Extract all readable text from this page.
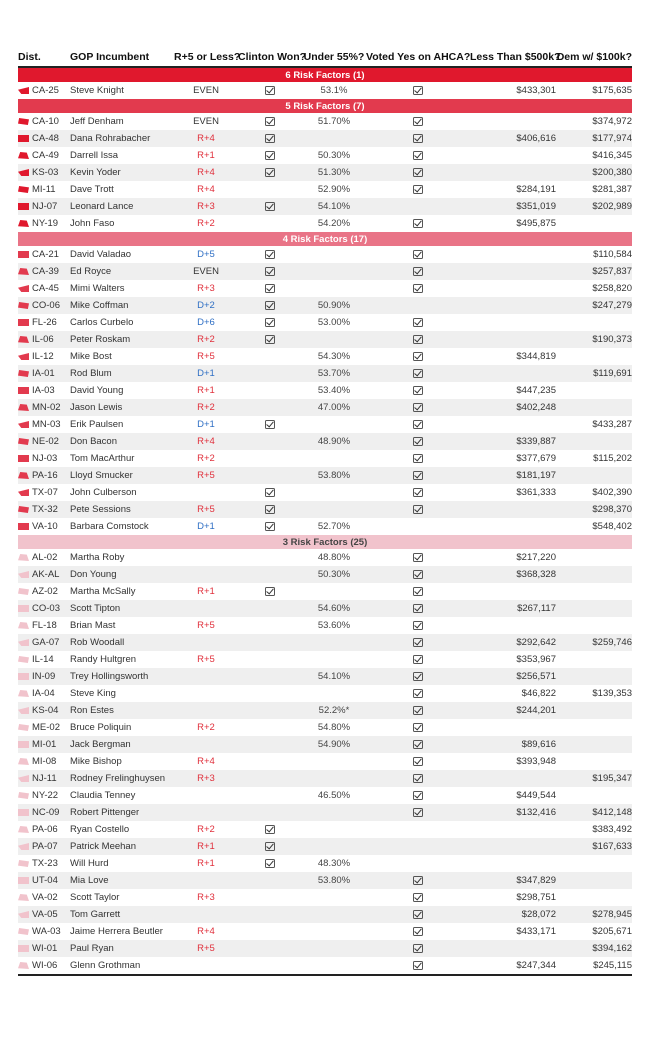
Dist.	GOP Incumbent	R+5 or Less?	Clinton Won?	Under 55%?	Voted Yes on AHCA?	Less Than $500k?	Dem w/ $100k?
6 Risk Factors (1)							
CA-25	Steve Knight	EVEN		53.1%		$433,301	$175,635
5 Risk Factors (7)							
CA-10	Jeff Denham	EVEN		51.70%			$374,972
CA-48	Dana Rohrabacher	R+4				$406,616	$177,974
CA-49	Darrell Issa	R+1		50.30%			$416,345
KS-03	Kevin Yoder	R+4		51.30%			$200,380
MI-11	Dave Trott	R+4		52.90%		$284,191	$281,387
NJ-07	Leonard Lance	R+3		54.10%		$351,019	$202,989
NY-19	John Faso	R+2		54.20%		$495,875	
4 Risk Factors (17)							
CA-21	David Valadao	D+5					$110,584
CA-39	Ed Royce	EVEN					$257,837
CA-45	Mimi Walters	R+3					$258,820
CO-06	Mike Coffman	D+2		50.90%			$247,279
FL-26	Carlos Curbelo	D+6		53.00%			
IL-06	Peter Roskam	R+2					$190,373
IL-12	Mike Bost	R+5		54.30%		$344,819	
IA-01	Rod Blum	D+1		53.70%			$119,691
IA-03	David Young	R+1		53.40%		$447,235	
MN-02	Jason Lewis	R+2		47.00%		$402,248	
MN-03	Erik Paulsen	D+1					$433,287
NE-02	Don Bacon	R+4		48.90%		$339,887	
NJ-03	Tom MacArthur	R+2				$377,679	$115,202
PA-16	Lloyd Smucker	R+5		53.80%		$181,197	
TX-07	John Culberson					$361,333	$402,390
TX-32	Pete Sessions	R+5					$298,370
VA-10	Barbara Comstock	D+1		52.70%			$548,402
3 Risk Factors (25)							
AL-02	Martha Roby			48.80%		$217,220	
AK-AL	Don Young			50.30%		$368,328	
AZ-02	Martha McSally	R+1					
CO-03	Scott Tipton			54.60%		$267,117	
FL-18	Brian Mast	R+5		53.60%			
GA-07	Rob Woodall					$292,642	$259,746
IL-14	Randy Hultgren	R+5				$353,967	
IN-09	Trey Hollingsworth			54.10%		$256,571	
IA-04	Steve King					$46,822	$139,353
KS-04	Ron Estes			52.2%*		$244,201	
ME-02	Bruce Poliquin	R+2		54.80%			
MI-01	Jack Bergman			54.90%		$89,616	
MI-08	Mike Bishop	R+4				$393,948	
NJ-11	Rodney Frelinghuysen	R+3					$195,347
NY-22	Claudia Tenney			46.50%		$449,544	
NC-09	Robert Pittenger					$132,416	$412,148
PA-06	Ryan Costello	R+2					$383,492
PA-07	Patrick Meehan	R+1					$167,633
TX-23	Will Hurd	R+1		48.30%			
UT-04	Mia Love			53.80%		$347,829	
VA-02	Scott Taylor	R+3				$298,751	
VA-05	Tom Garrett					$28,072	$278,945
WA-03	Jaime Herrera Beutler	R+4				$433,171	$205,671
WI-01	Paul Ryan	R+5					$394,162
WI-06	Glenn Grothman					$247,344	$245,115
